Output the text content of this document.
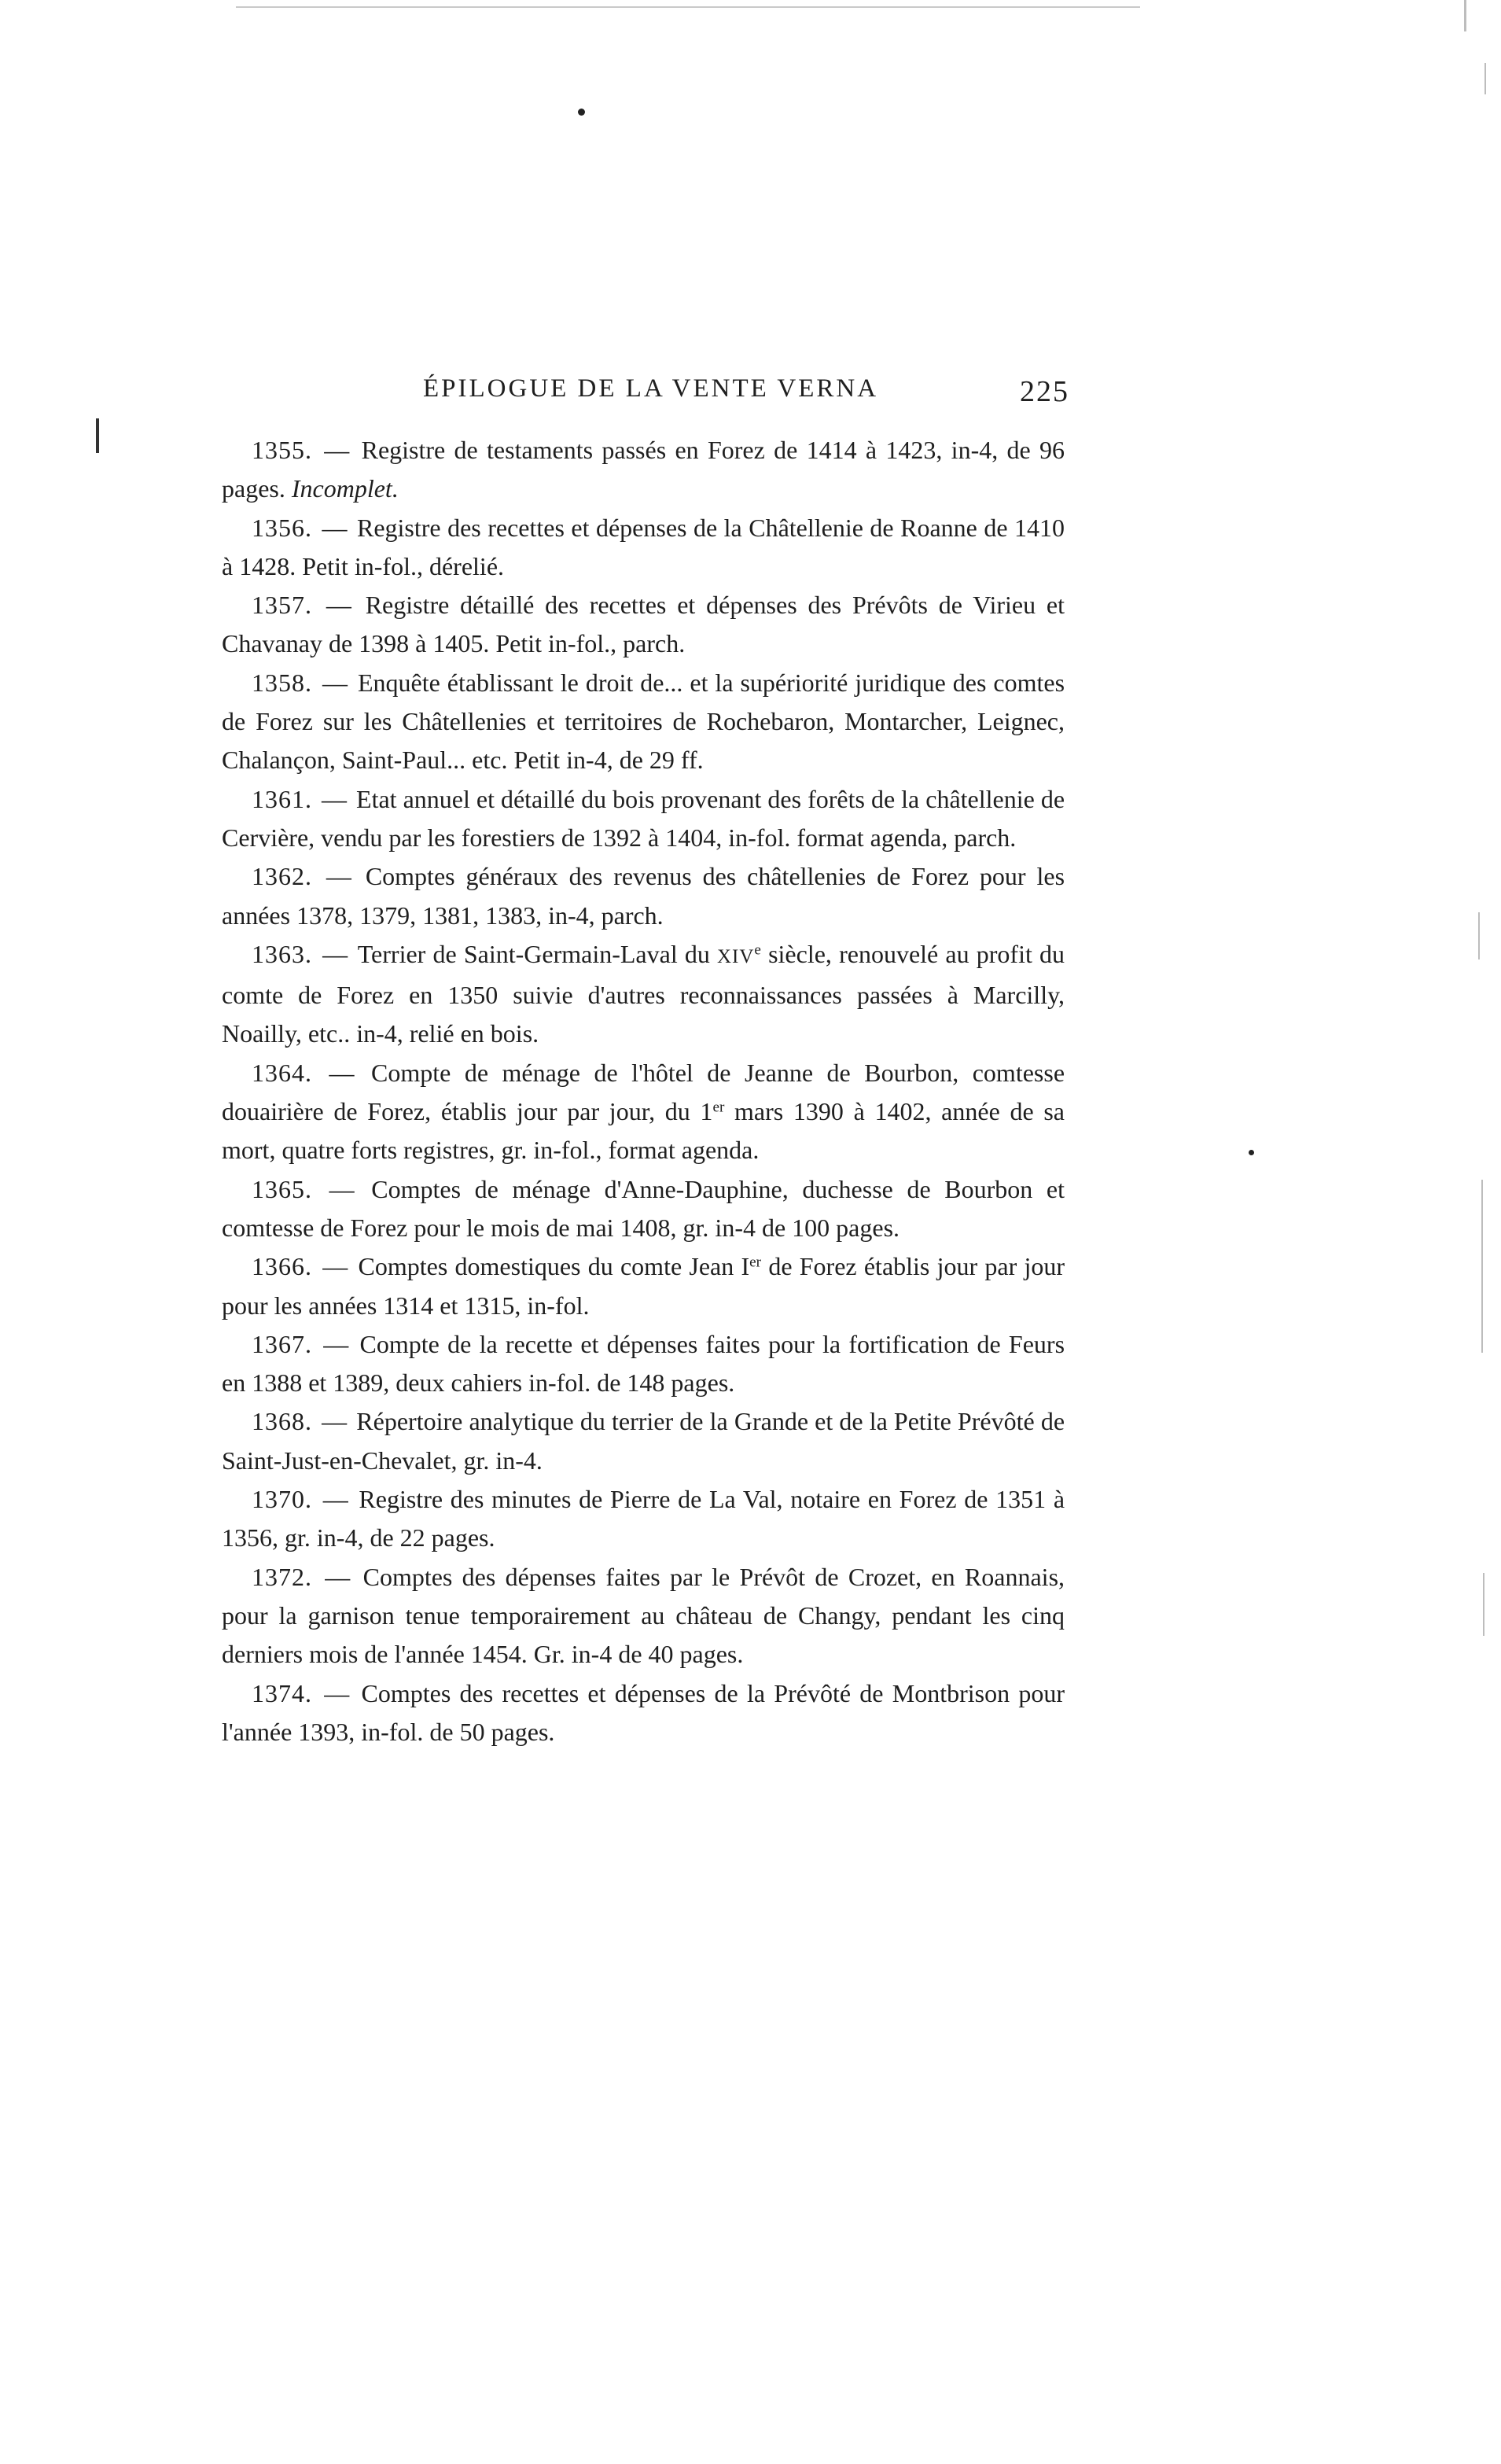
ÉPILOGUE DE LA VENTE VERNA	225

1355. — Registre de testaments passés en Forez de 1414 à 1423, in-4, de 96 pages. Incomplet.

1356. — Registre des recettes et dépenses de la Châtellenie de Roanne de 1410 à 1428. Petit in-fol., dérelié.

1357. — Registre détaillé des recettes et dépenses des Prévôts de Virieu et Chavanay de 1398 à 1405. Petit in-fol., parch.

1358. — Enquête établissant le droit de... et la supériorité juridique des comtes de Forez sur les Châtellenies et territoires de Rochebaron, Montarcher, Leignec, Chalançon, Saint-Paul... etc. Petit in-4, de 29 ff.

1361. — Etat annuel et détaillé du bois provenant des forêts de la châtellenie de Cervière, vendu par les forestiers de 1392 à 1404, in-fol. format agenda, parch.

1362. — Comptes généraux des revenus des châtellenies de Forez pour les années 1378, 1379, 1381, 1383, in-4, parch.

1363. — Terrier de Saint-Germain-Laval du XIVe siècle, renouvelé au profit du comte de Forez en 1350 suivie d'autres reconnaissances passées à Marcilly, Noailly, etc.. in-4, relié en bois.

1364. — Compte de ménage de l'hôtel de Jeanne de Bourbon, comtesse douairière de Forez, établis jour par jour, du 1er mars 1390 à 1402, année de sa mort, quatre forts registres, gr. in-fol., format agenda.

1365. — Comptes de ménage d'Anne-Dauphine, duchesse de Bourbon et comtesse de Forez pour le mois de mai 1408, gr. in-4 de 100 pages.

1366. — Comptes domestiques du comte Jean Ier de Forez établis jour par jour pour les années 1314 et 1315, in-fol.

1367. — Compte de la recette et dépenses faites pour la fortification de Feurs en 1388 et 1389, deux cahiers in-fol. de 148 pages.

1368. — Répertoire analytique du terrier de la Grande et de la Petite Prévôté de Saint-Just-en-Chevalet, gr. in-4.

1370. — Registre des minutes de Pierre de La Val, notaire en Forez de 1351 à 1356, gr. in-4, de 22 pages.

1372. — Comptes des dépenses faites par le Prévôt de Crozet, en Roannais, pour la garnison tenue temporairement au château de Changy, pendant les cinq derniers mois de l'année 1454. Gr. in-4 de 40 pages.

1374. — Comptes des recettes et dépenses de la Prévôté de Montbrison pour l'année 1393, in-fol. de 50 pages.
